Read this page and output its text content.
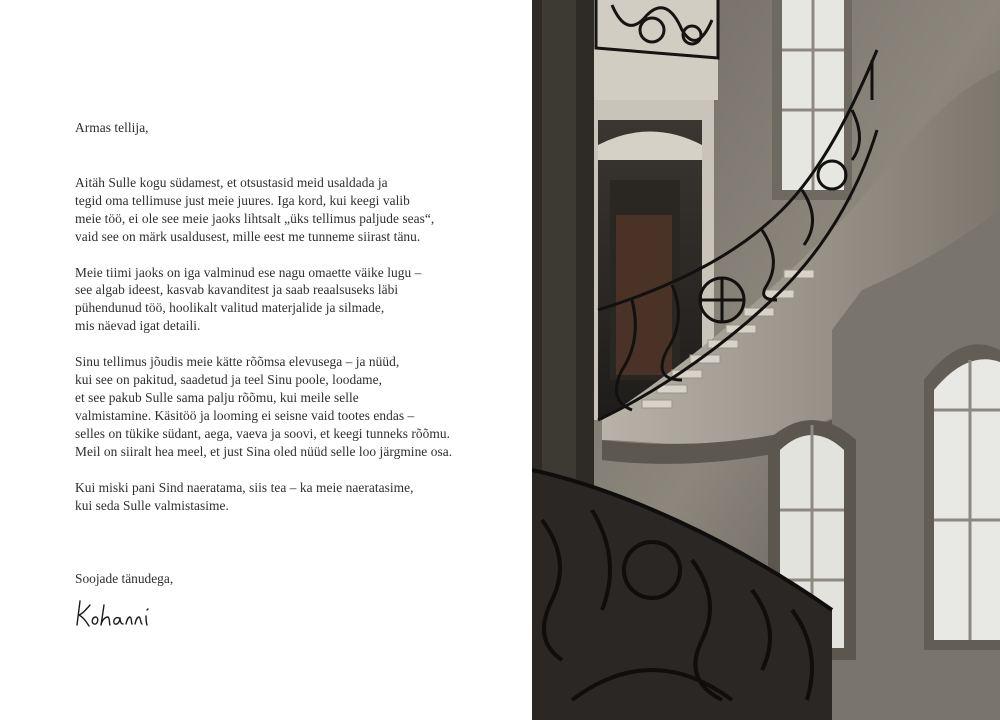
Armas tellija,

Aitäh Sulle kogu südamest, et otsustasid meid usaldada ja
tegid oma tellimuse just meie juures. Iga kord, kui keegi valib
meie töö, ei ole see meie jaoks lihtsalt „üks tellimus paljude seas“,
vaid see on märk usaldusest, mille eest me tunneme siirast tänu.

Meie tiimi jaoks on iga valminud ese nagu omaette väike lugu –
see algab ideest, kasvab kavanditest ja saab reaalsuseks läbi
pühendunud töö, hoolikalt valitud materjalide ja silmade,
mis näevad igat detaili.

Sinu tellimus jõudis meie kätte rõõmsa elevusega – ja nüüd,
kui see on pakitud, saadetud ja teel Sinu poole, loodame,
et see pakub Sulle sama palju rõõmu, kui meile selle
valmistamine. Käsitöö ja looming ei seisne vaid tootes endas –
selles on tükike südant, aega, vaeva ja soovi, et keegi tunneks rõõmu.
Meil on siiralt hea meel, et just Sina oled nüüd selle loo järgmine osa.

Kui miski pani Sind naeratama, siis tea – ka meie naeratasime,
kui seda Sulle valmistasime.

Soojade tänudega,
